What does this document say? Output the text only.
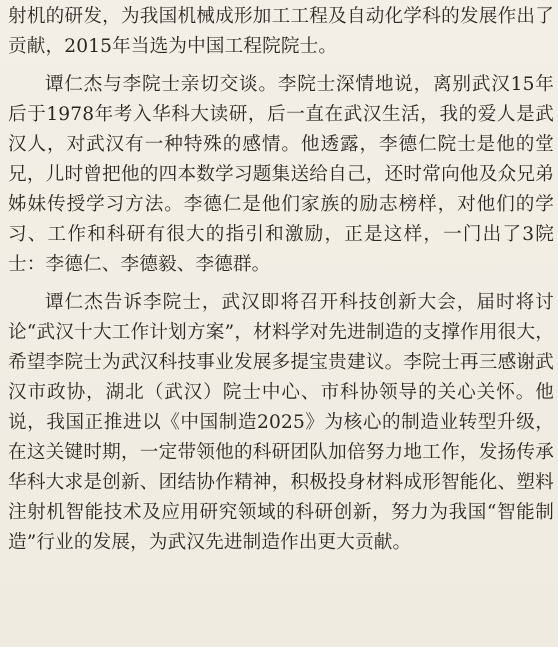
射机的研发，为我国机械成形加工工程及自动化学科的发展作出了贡献，2015年当选为中国工程院院士。

谭仁杰与李院士亲切交谈。李院士深情地说，离别武汉15年后于1978年考入华科大读研，后一直在武汉生活，我的爱人是武汉人，对武汉有一种特殊的感情。他透露，李德仁院士是他的堂兄，儿时曾把他的四本数学习题集送给自己，还时常向他及众兄弟姊妹传授学习方法。李德仁是他们家族的励志榜样，对他们的学习、工作和科研有很大的指引和激励，正是这样，一门出了3院士：李德仁、李德毅、李德群。

谭仁杰告诉李院士，武汉即将召开科技创新大会，届时将讨论“武汉十大工作计划方案”，材料学对先进制造的支撑作用很大，希望李院士为武汉科技事业发展多提宝贵建议。李院士再三感谢武汉市政协，湖北（武汉）院士中心、市科协领导的关心关怀。他说，我国正推进以《中国制造2025》为核心的制造业转型升级，在这关键时期，一定带领他的科研团队加倍努力地工作，发扬传承华科大求是创新、团结协作精神，积极投身材料成形智能化、塑料注射机智能技术及应用研究领域的科研创新，努力为我国“智能制造”行业的发展，为武汉先进制造作出更大贡献。
